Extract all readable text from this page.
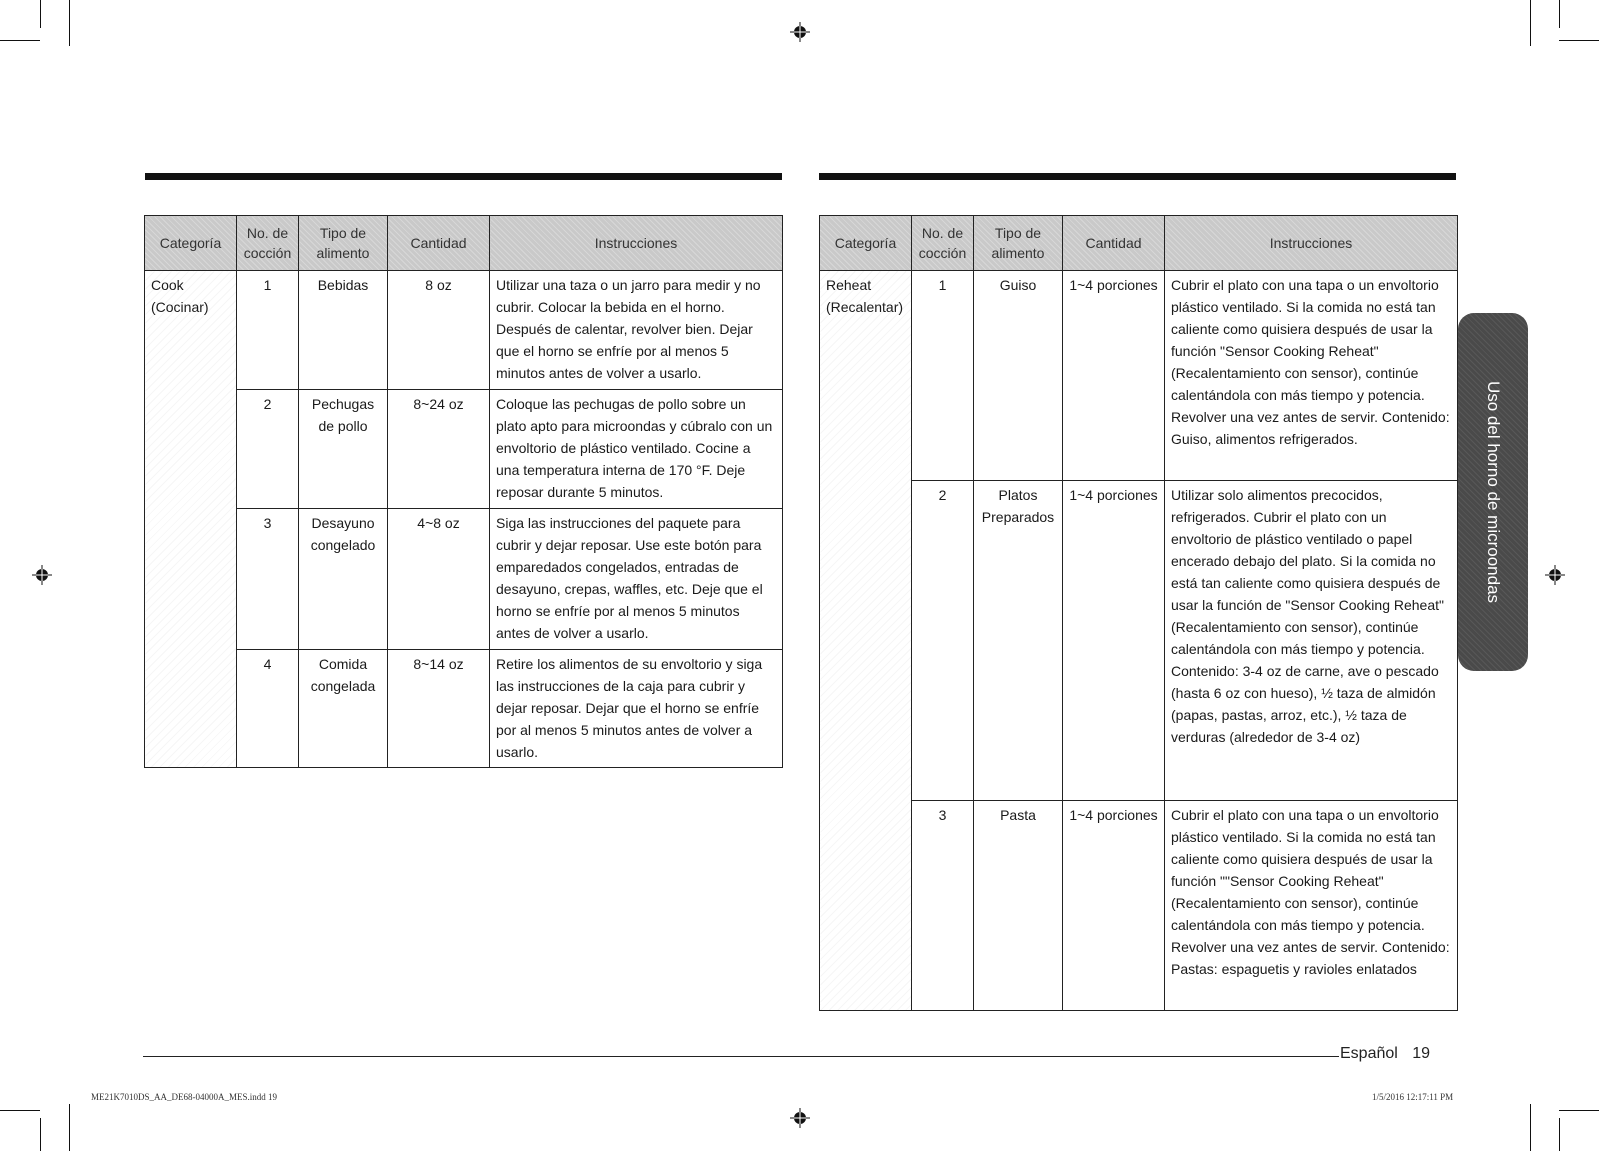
Categoría	No. de cocción	Tipo de alimento	Cantidad	Instrucciones
Cook (Cocinar)	1	Bebidas	8 oz	Utilizar una taza o un jarro para medir y no cubrir. Colocar la bebida en el horno. Después de calentar, revolver bien. Dejar que el horno se enfríe por al menos 5 minutos antes de volver a usarlo.
	2	Pechugas de pollo	8~24 oz	Coloque las pechugas de pollo sobre un plato apto para microondas y cúbralo con un envoltorio de plástico ventilado. Cocine a una temperatura interna de 170 °F. Deje reposar durante 5 minutos.
	3	Desayuno congelado	4~8 oz	Siga las instrucciones del paquete para cubrir y dejar reposar. Use este botón para emparedados congelados, entradas de desayuno, crepas, waffles, etc. Deje que el horno se enfríe por al menos 5 minutos antes de volver a usarlo.
	4	Comida congelada	8~14 oz	Retire los alimentos de su envoltorio y siga las instrucciones de la caja para cubrir y dejar reposar. Dejar que el horno se enfríe por al menos 5 minutos antes de volver a usarlo.
Categoría	No. de cocción	Tipo de alimento	Cantidad	Instrucciones
Reheat (Recalentar)	1	Guiso	1~4 porciones	Cubrir el plato con una tapa o un envoltorio plástico ventilado. Si la comida no está tan caliente como quisiera después de usar la función "Sensor Cooking Reheat" (Recalentamiento con sensor), continúe calentándola con más tiempo y potencia. Revolver una vez antes de servir. Contenido: Guiso, alimentos refrigerados.
	2	Platos Preparados	1~4 porciones	Utilizar solo alimentos precocidos, refrigerados. Cubrir el plato con un envoltorio de plástico ventilado o papel encerado debajo del plato. Si la comida no está tan caliente como quisiera después de usar la función de "Sensor Cooking Reheat" (Recalentamiento con sensor), continúe calentándola con más tiempo y potencia. Contenido: 3-4 oz de carne, ave o pescado (hasta 6 oz con hueso), ½ taza de almidón (papas, pastas, arroz, etc.), ½ taza de verduras (alrededor de 3-4 oz)
	3	Pasta	1~4 porciones	Cubrir el plato con una tapa o un envoltorio plástico ventilado. Si la comida no está tan caliente como quisiera después de usar la función ""Sensor Cooking Reheat" (Recalentamiento con sensor), continúe calentándola con más tiempo y potencia. Revolver una vez antes de servir. Contenido: Pastas: espaguetis y ravioles enlatados
Uso del horno de microondas
Español 19
ME21K7010DS_AA_DE68-04000A_MES.indd 19	1/5/2016 12:17:11 PM
